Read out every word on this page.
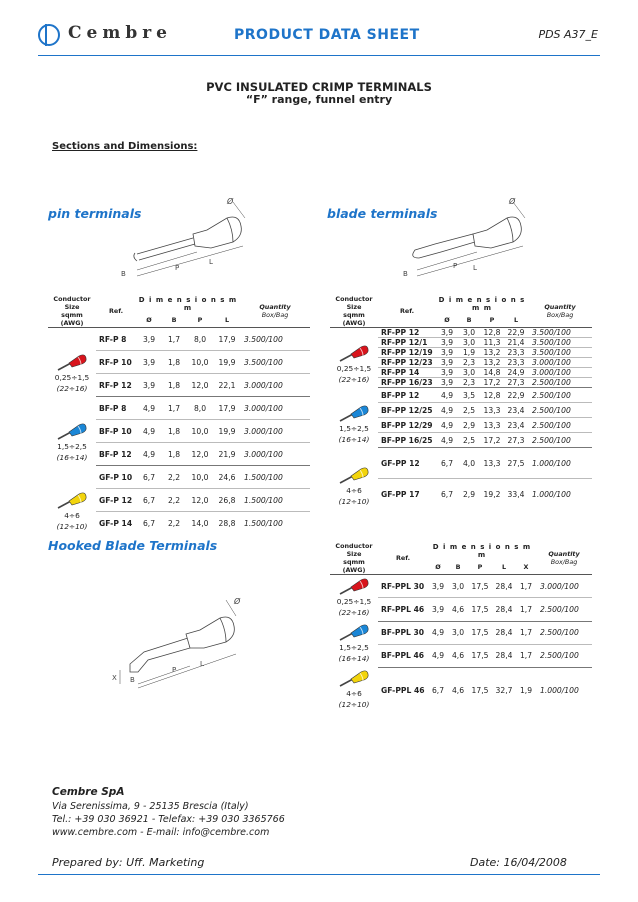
Cembre	PRODUCT DATA SHEET	PDS A37_E
PVC INSULATED CRIMP TERMINALS
“F” range, funnel entry
Sections and Dimensions:
pin terminals
Ø
P
L
B
Conductor Size
sqmm
(AWG)	Ref.	D i m e n s i o n s m m				Quantity
Box/Bag
		Ø	B	P	L	

0,25÷1,5
(22÷16)	RF-P 8	3,9	1,7	8,0	17,9	3.500/100
	RF-P 10	3,9	1,8	10,0	19,9	3.500/100
	RF-P 12	3,9	1,8	12,0	22,1	3.000/100

1,5÷2,5
(16÷14)	BF-P 8	4,9	1,7	8,0	17,9	3.000/100
	BF-P 10	4,9	1,8	10,0	19,9	3.000/100
	BF-P 12	4,9	1,8	12,0	21,9	3.000/100

4÷6
(12÷10)	GF-P 10	6,7	2,2	10,0	24,6	1.500/100
	GF-P 12	6,7	2,2	12,0	26,8	1.500/100
	GF-P 14	6,7	2,2	14,0	28,8	1.500/100
blade terminals
Ø
P L
B
Conductor Size
sqmm
(AWG)	Ref.	D i m e n s i o n s m m				Quantity
Box/Bag
		Ø	B	P	L	

0,25÷1,5
(22÷16)	RF-PP 12	3,9	3,0	12,8	22,9	3.500/100
	RF-PP 12/1	3,9	3,0	11,3	21,4	3.500/100
	RF-PP 12/19	3,9	1,9	13,2	23,3	3.500/100
	RF-PP 12/23	3,9	2,3	13,2	23,3	3.000/100
	RF-PP 14	3,9	3,0	14,8	24,9	3.000/100
	RF-PP 16/23	3,9	2,3	17,2	27,3	2.500/100

1,5÷2,5
(16÷14)	BF-PP 12	4,9	3,5	12,8	22,9	2.500/100
	BF-PP 12/25	4,9	2,5	13,3	23,4	2.500/100
	BF-PP 12/29	4,9	2,9	13,3	23,4	2.500/100
	BF-PP 16/25	4,9	2,5	17,2	27,3	2.500/100

4÷6
(12÷10)	GF-PP 12	6,7	4,0	13,3	27,5	1.000/100
	GF-PP 17	6,7	2,9	19,2	33,4	1.000/100
Hooked Blade Terminals
Ø
P
L
B
X
Conductor Size
sqmm
(AWG)	Ref.	D i m e n s i o n s m m					Quantity
Box/Bag
		Ø	B	P	L	X	

0,25÷1,5
(22÷16)	RF-PPL 30	3,9	3,0	17,5	28,4	1,7	3.000/100
	RF-PPL 46	3,9	4,6	17,5	28,4	1,7	2.500/100

1,5÷2,5
(16÷14)	BF-PPL 30	4,9	3,0	17,5	28,4	1,7	2.500/100
	BF-PPL 46	4,9	4,6	17,5	28,4	1,7	2.500/100

4÷6
(12÷10)	GF-PPL 46	6,7	4,6	17,5	32,7	1,9	1.000/100
Cembre SpA
Via Serenissima, 9 - 25135 Brescia (Italy)
Tel.: +39 030 36921 - Telefax: +39 030 3365766
www.cembre.com - E-mail: info@cembre.com
Prepared by: Uff. Marketing	Date: 16/04/2008
